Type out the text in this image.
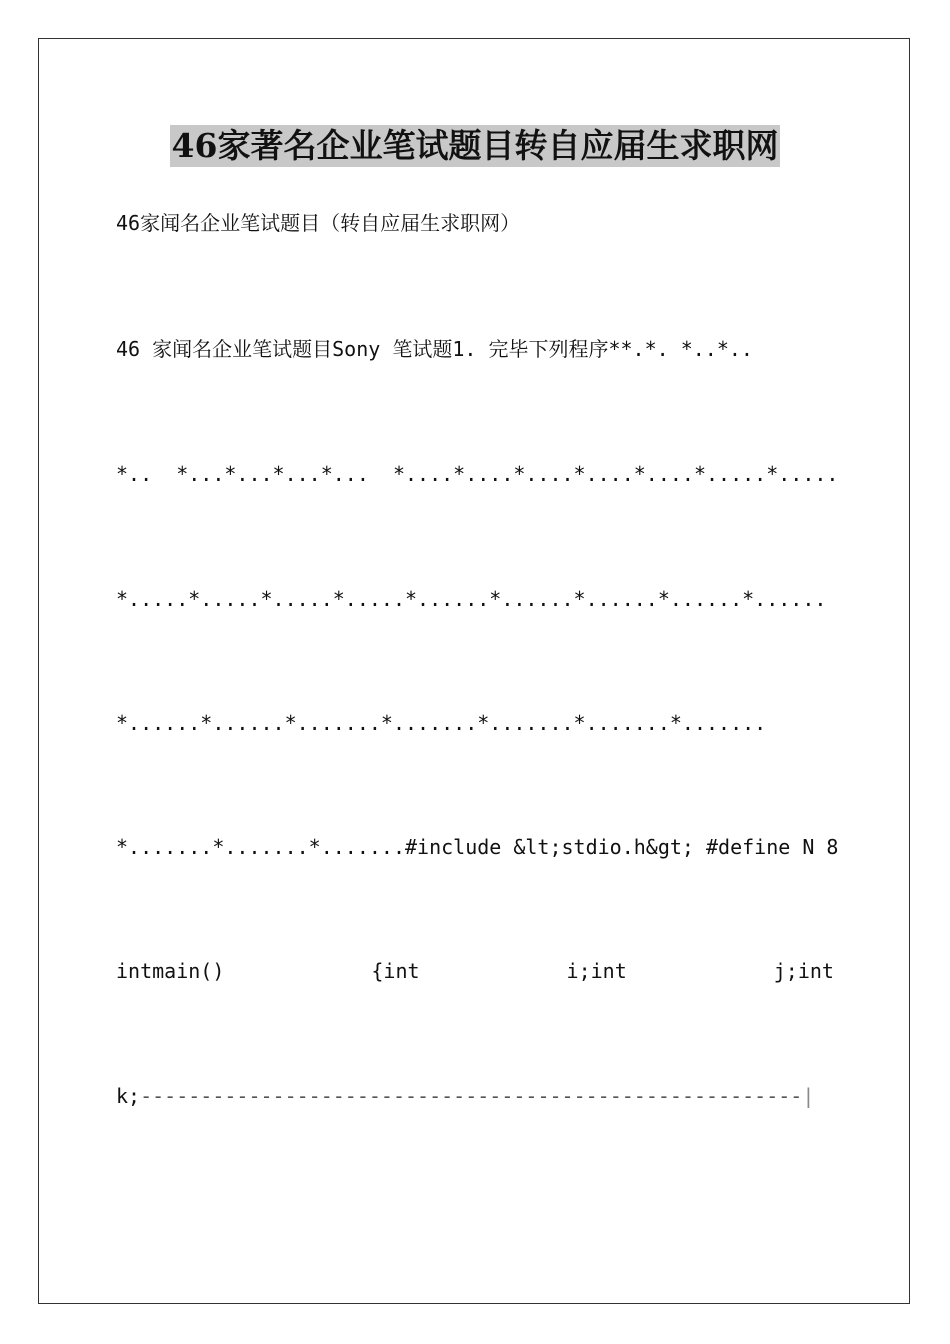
46家著名企业笔试题目转自应届生求职网
46家闻名企业笔试题目（转自应届生求职网）
46 家闻名企业笔试题目Sony 笔试题1. 完毕下列程序**.*. *..*..
*..  *...*...*...*...  *....*....*....*....*....*.....*.....
*.....*.....*.....*.....*......*......*......*......*......
*......*......*.......*.......*.......*.......*.......
*.......*.......*.......#include &lt;stdio.h&gt; #define N 8
intmain()	{int	i;int	j;int
k;-------------------------------------------------------|
